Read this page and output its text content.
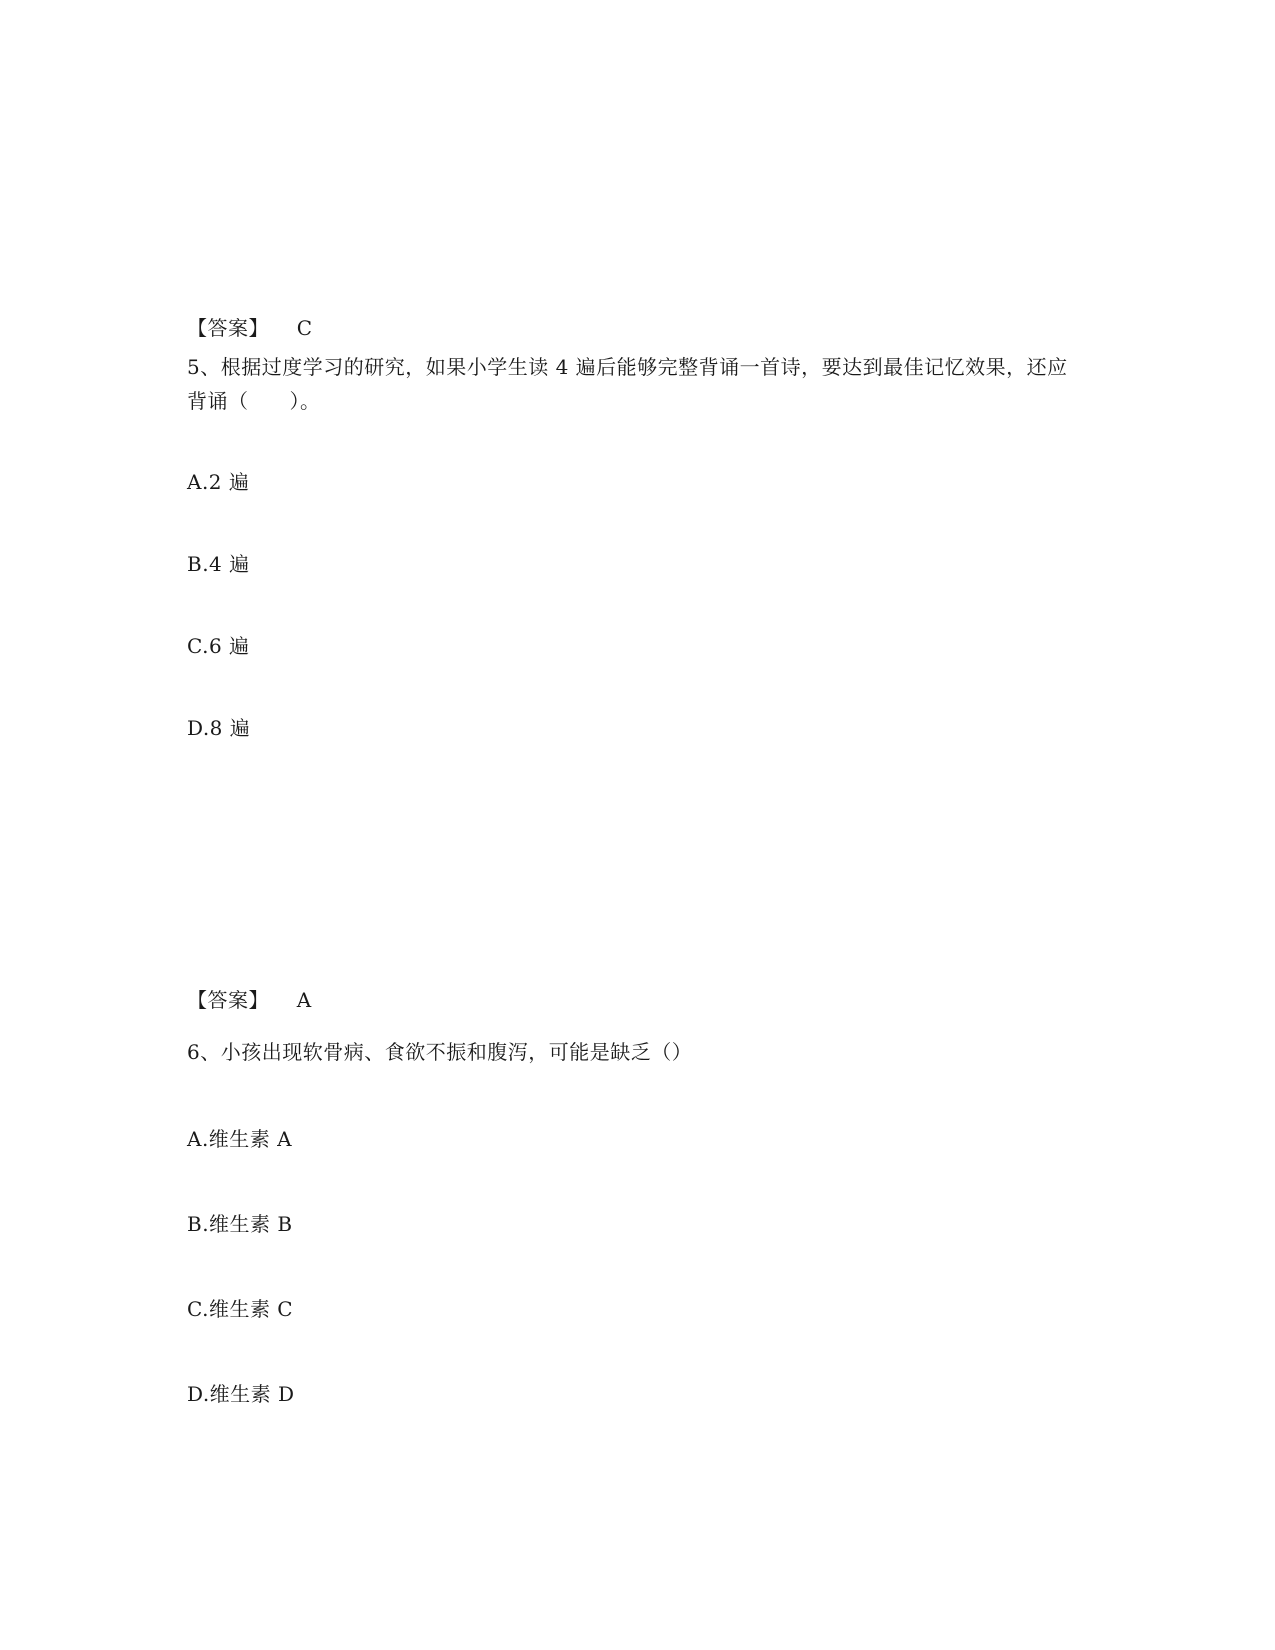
【答案】 C
5、根据过度学习的研究，如果小学生读 4 遍后能够完整背诵一首诗，要达到最佳记忆效果，还应背诵（　　）。
A.2 遍
B.4 遍
C.6 遍
D.8 遍
【答案】 A
6、小孩出现软骨病、食欲不振和腹泻，可能是缺乏（）
A.维生素 A
B.维生素 B
C.维生素 C
D.维生素 D
